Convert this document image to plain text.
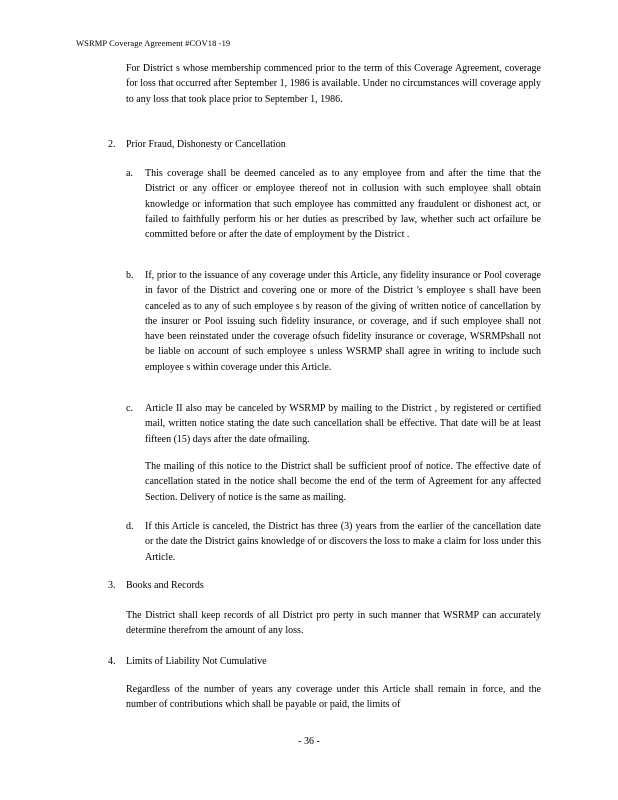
WSRMP Coverage Agreement #COV18 -19
For District s whose membership commenced prior to the term of this Coverage Agreement, coverage for loss that occurred after September 1, 1986 is available. Under no circumstances will coverage apply to any loss that took place prior to September 1, 1986.
2. Prior Fraud, Dishonesty or Cancellation
a. This coverage shall be deemed canceled as to any employee from and after the time that the District or any officer or employee thereof not in collusion with such employee shall obtain knowledge or information that such employee has committed any fraudulent or dishonest act, or failed to faithfully perform his or her duties as prescribed by law, whether such act orfailure be committed before or after the date of employment by the District .
b. If, prior to the issuance of any coverage under this Article, any fidelity insurance or Pool coverage in favor of the District and covering one or more of the District 's employee s shall have been canceled as to any of such employee s by reason of the giving of written notice of cancellation by the insurer or Pool issuing such fidelity insurance, or coverage, and if such employee shall not have been reinstated under the coverage ofsuch fidelity insurance or coverage, WSRMPshall not be liable on account of such employee s unless WSRMP shall agree in writing to include such employee s within coverage under this Article.
c. Article II also may be canceled by WSRMP by mailing to the District , by registered or certified mail, written notice stating the date such cancellation shall be effective. That date will be at least fifteen (15) days after the date ofmailing.
The mailing of this notice to the District shall be sufficient proof of notice. The effective date of cancellation stated in the notice shall become the end of the term of Agreement for any affected Section. Delivery of notice is the same as mailing.
d. If this Article is canceled, the District has three (3) years from the earlier of the cancellation date or the date the District gains knowledge of or discovers the loss to make a claim for loss under this Article.
3. Books and Records
The District shall keep records of all District pro perty in such manner that WSRMP can accurately determine therefrom the amount of any loss.
4. Limits of Liability Not Cumulative
Regardless of the number of years any coverage under this Article shall remain in force, and the number of contributions which shall be payable or paid, the limits of
- 36 -
